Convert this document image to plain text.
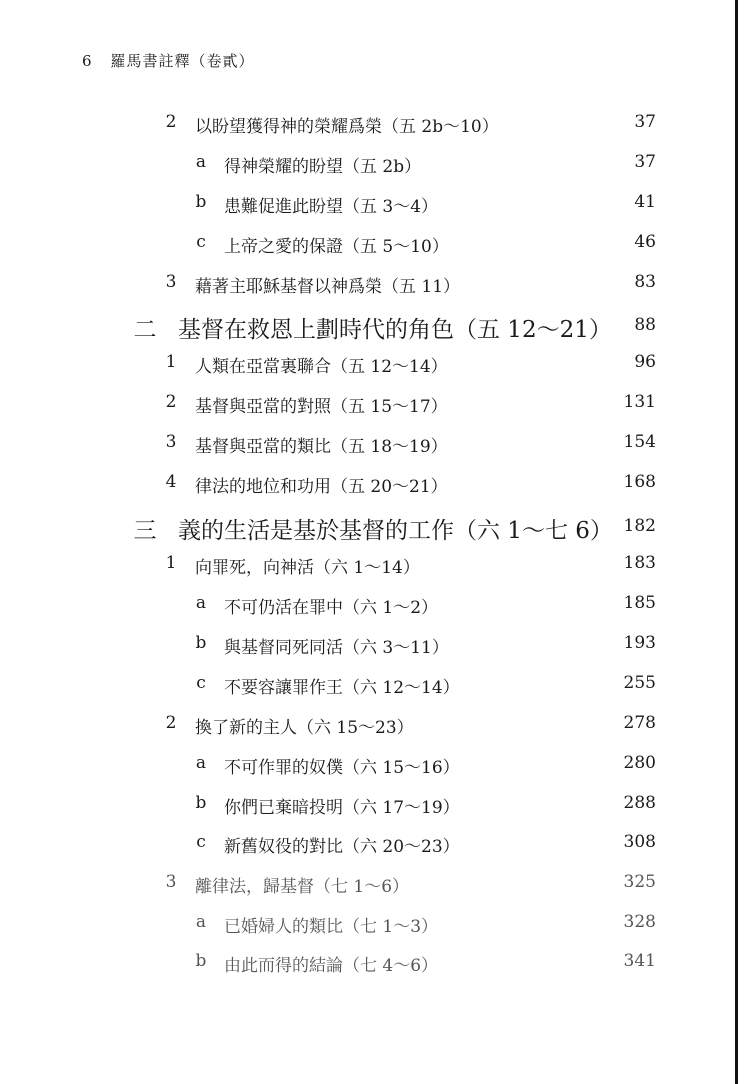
6 羅馬書註釋（卷貳）
2	以盼望獲得神的榮耀爲榮（五 2b～10）	37
a	得神榮耀的盼望（五 2b）	37
b	患難促進此盼望（五 3～4）	41
c	上帝之愛的保證（五 5～10）	46
3	藉著主耶穌基督以神爲榮（五 11）	83
二 基督在救恩上劃時代的角色（五 12～21）	88
1	人類在亞當裏聯合（五 12～14）	96
2	基督與亞當的對照（五 15～17）	131
3	基督與亞當的類比（五 18～19）	154
4	律法的地位和功用（五 20～21）	168
三 義的生活是基於基督的工作（六 1～七 6） 182
1	向罪死，向神活（六 1～14）	183
a	不可仍活在罪中（六 1～2）	185
b	與基督同死同活（六 3～11）	193
c	不要容讓罪作王（六 12～14）	255
2	換了新的主人（六 15～23）	278
a	不可作罪的奴僕（六 15～16）	280
b	你們已棄暗投明（六 17～19）	288
c	新舊奴役的對比（六 20～23）	308
3	離律法，歸基督（七 1～6）	325
a	已婚婦人的類比（七 1～3）	328
b	由此而得的結論（七 4～6）	341
